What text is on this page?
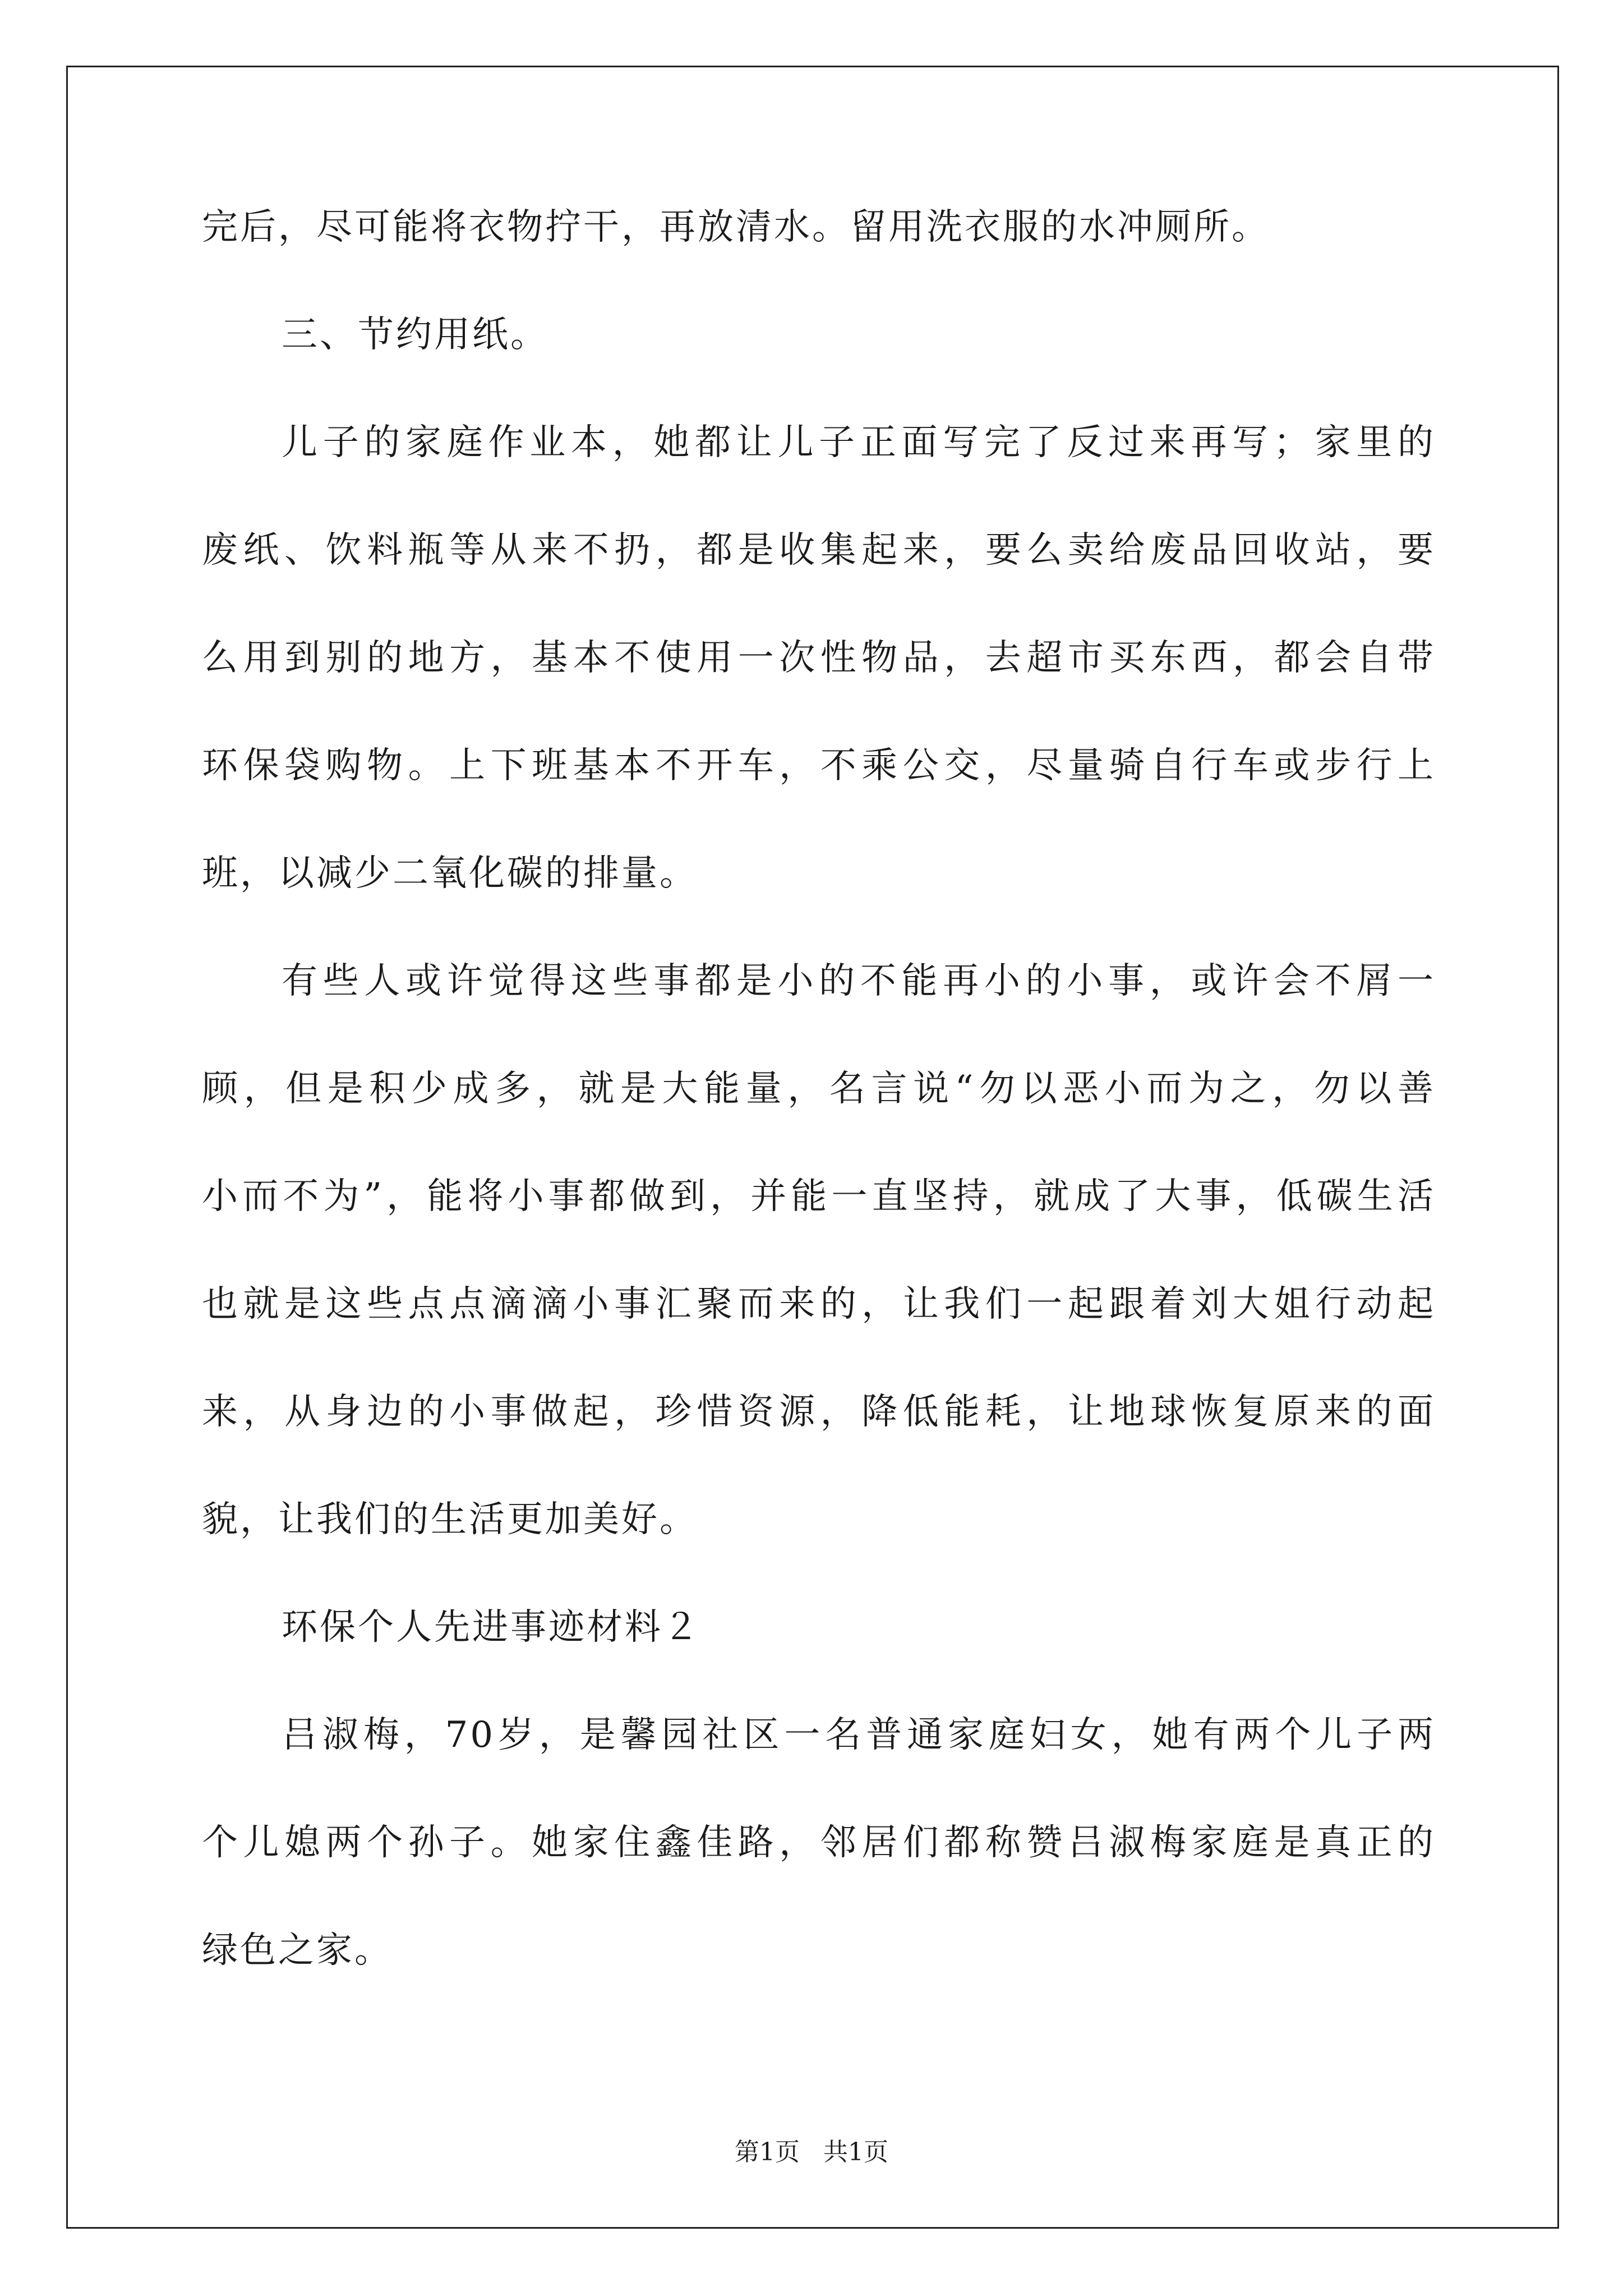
完后，尽可能将衣物拧干，再放清水。留用洗衣服的水冲厕所。
三、节约用纸。
儿子的家庭作业本，她都让儿子正面写完了反过来再写；家里的
废纸、饮料瓶等从来不扔，都是收集起来，要么卖给废品回收站，要
么用到别的地方，基本不使用一次性物品，去超市买东西，都会自带
环保袋购物。上下班基本不开车，不乘公交，尽量骑自行车或步行上
班，以减少二氧化碳的排量。
有些人或许觉得这些事都是小的不能再小的小事，或许会不屑一
顾，但是积少成多，就是大能量，名言说“勿以恶小而为之，勿以善
小而不为”，能将小事都做到，并能一直坚持，就成了大事，低碳生活
也就是这些点点滴滴小事汇聚而来的，让我们一起跟着刘大姐行动起
来，从身边的小事做起，珍惜资源，降低能耗，让地球恢复原来的面
貌，让我们的生活更加美好。
环保个人先进事迹材料２
吕淑梅，70岁，是馨园社区一名普通家庭妇女，她有两个儿子两
个儿媳两个孙子。她家住鑫佳路，邻居们都称赞吕淑梅家庭是真正的
绿色之家。
第1页 共1页
